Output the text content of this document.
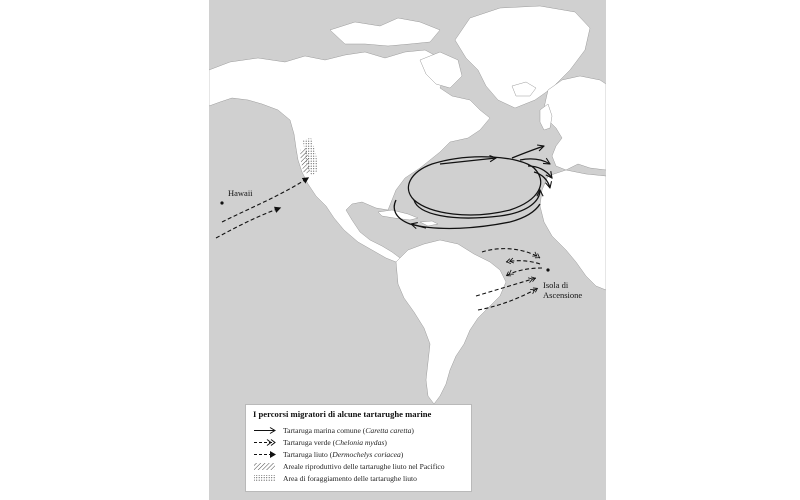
Hawaii
Isola di Ascensione
I percorsi migratori di alcune tartarughe marine
Tartaruga marina comune (Caretta caretta)
Tartaruga verde (Chelonia mydas)
Tartaruga liuto (Dermochelys coriacea)
Areale riproduttivo delle tartarughe liuto nel Pacifico
Area di foraggiamento delle tartarughe liuto
